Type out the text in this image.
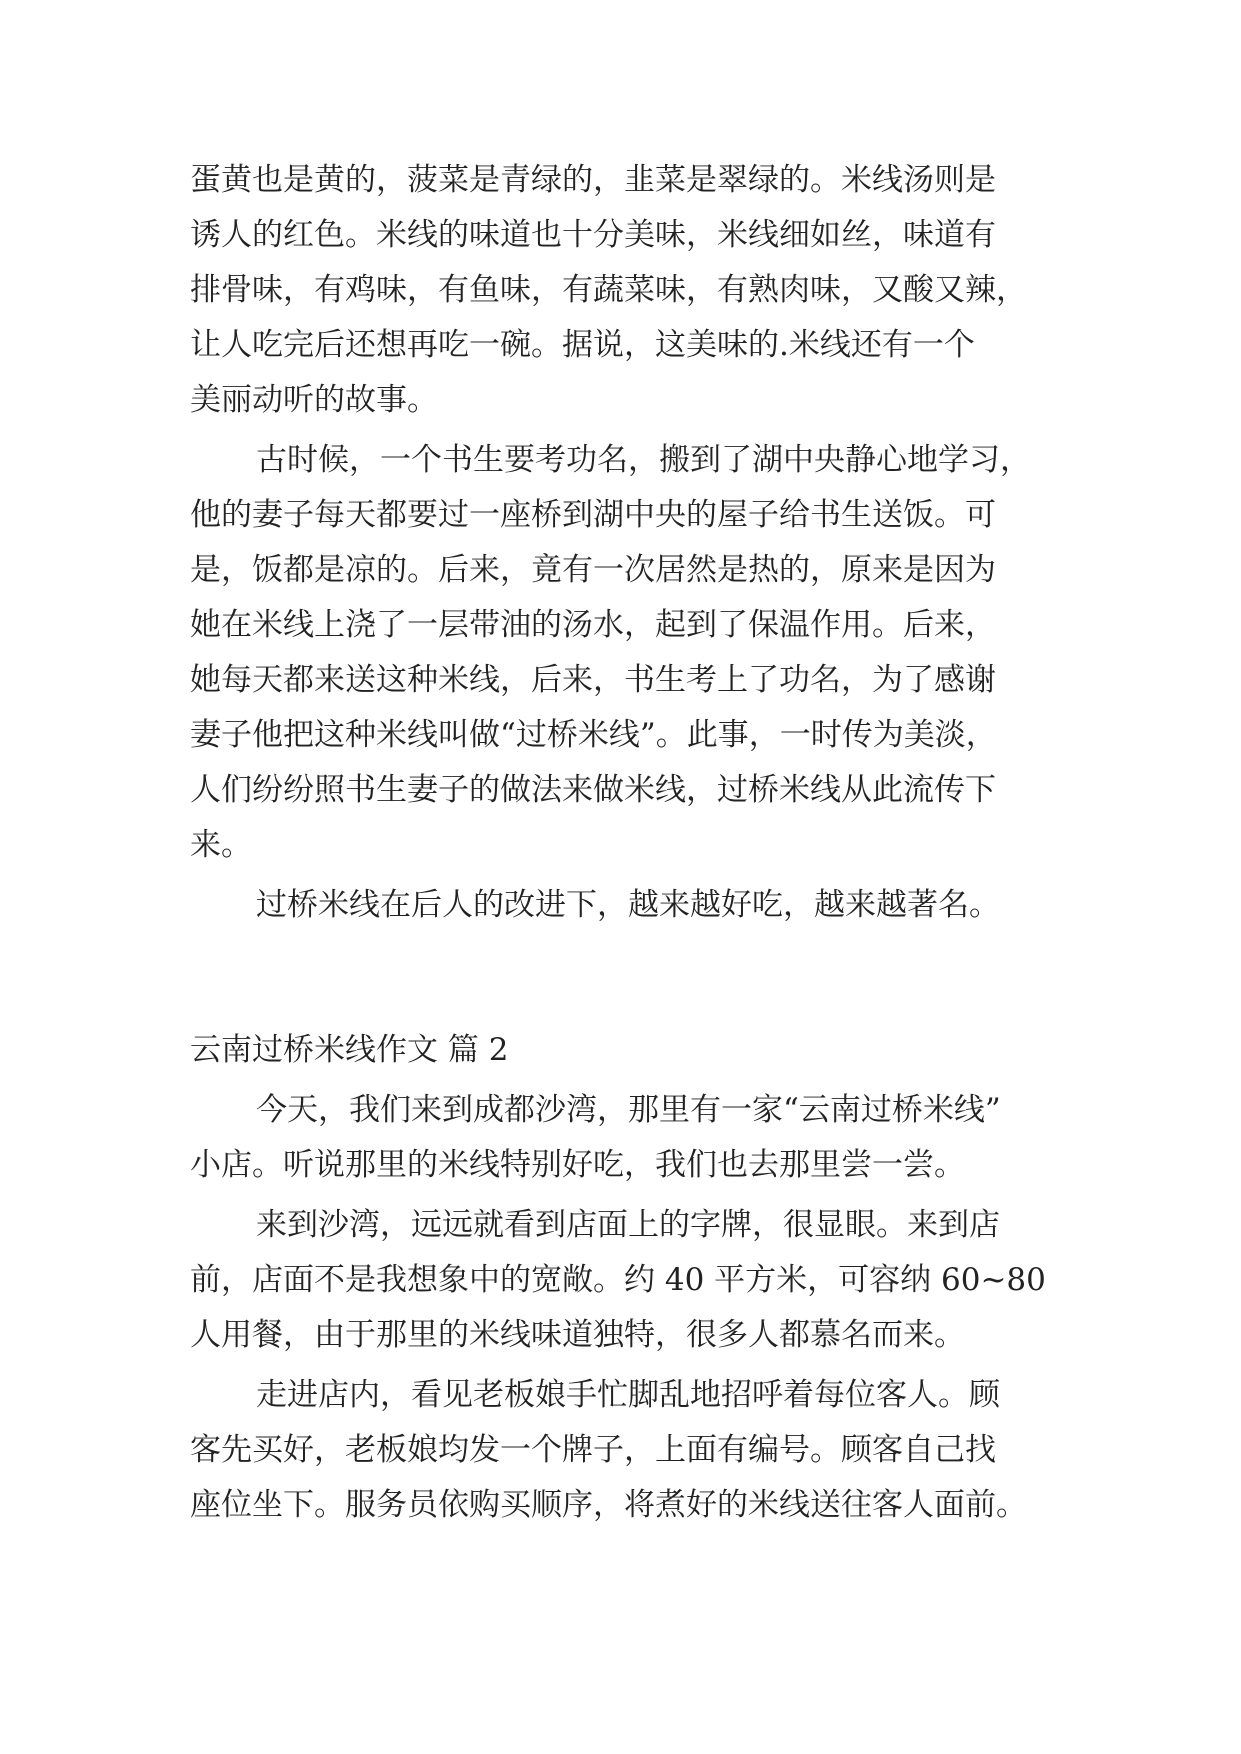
蛋黄也是黄的，菠菜是青绿的，韭菜是翠绿的。米线汤则是
诱人的红色。米线的味道也十分美味，米线细如丝，味道有
排骨味，有鸡味，有鱼味，有蔬菜味，有熟肉味，又酸又辣，
让人吃完后还想再吃一碗。据说，这美味的.米线还有一个
美丽动听的故事。
古时候，一个书生要考功名，搬到了湖中央静心地学习，
他的妻子每天都要过一座桥到湖中央的屋子给书生送饭。可
是，饭都是凉的。后来，竟有一次居然是热的，原来是因为
她在米线上浇了一层带油的汤水，起到了保温作用。后来，
她每天都来送这种米线，后来，书生考上了功名，为了感谢
妻子他把这种米线叫做“过桥米线”。此事，一时传为美淡，
人们纷纷照书生妻子的做法来做米线，过桥米线从此流传下
来。
过桥米线在后人的改进下，越来越好吃，越来越著名。
云南过桥米线作文 篇 2
今天，我们来到成都沙湾，那里有一家“云南过桥米线”
小店。听说那里的米线特别好吃，我们也去那里尝一尝。
来到沙湾，远远就看到店面上的字牌，很显眼。来到店
前，店面不是我想象中的宽敞。约 40 平方米，可容纳 60~80
人用餐，由于那里的米线味道独特，很多人都慕名而来。
走进店内，看见老板娘手忙脚乱地招呼着每位客人。顾
客先买好，老板娘均发一个牌子，上面有编号。顾客自己找
座位坐下。服务员依购买顺序，将煮好的米线送往客人面前。
